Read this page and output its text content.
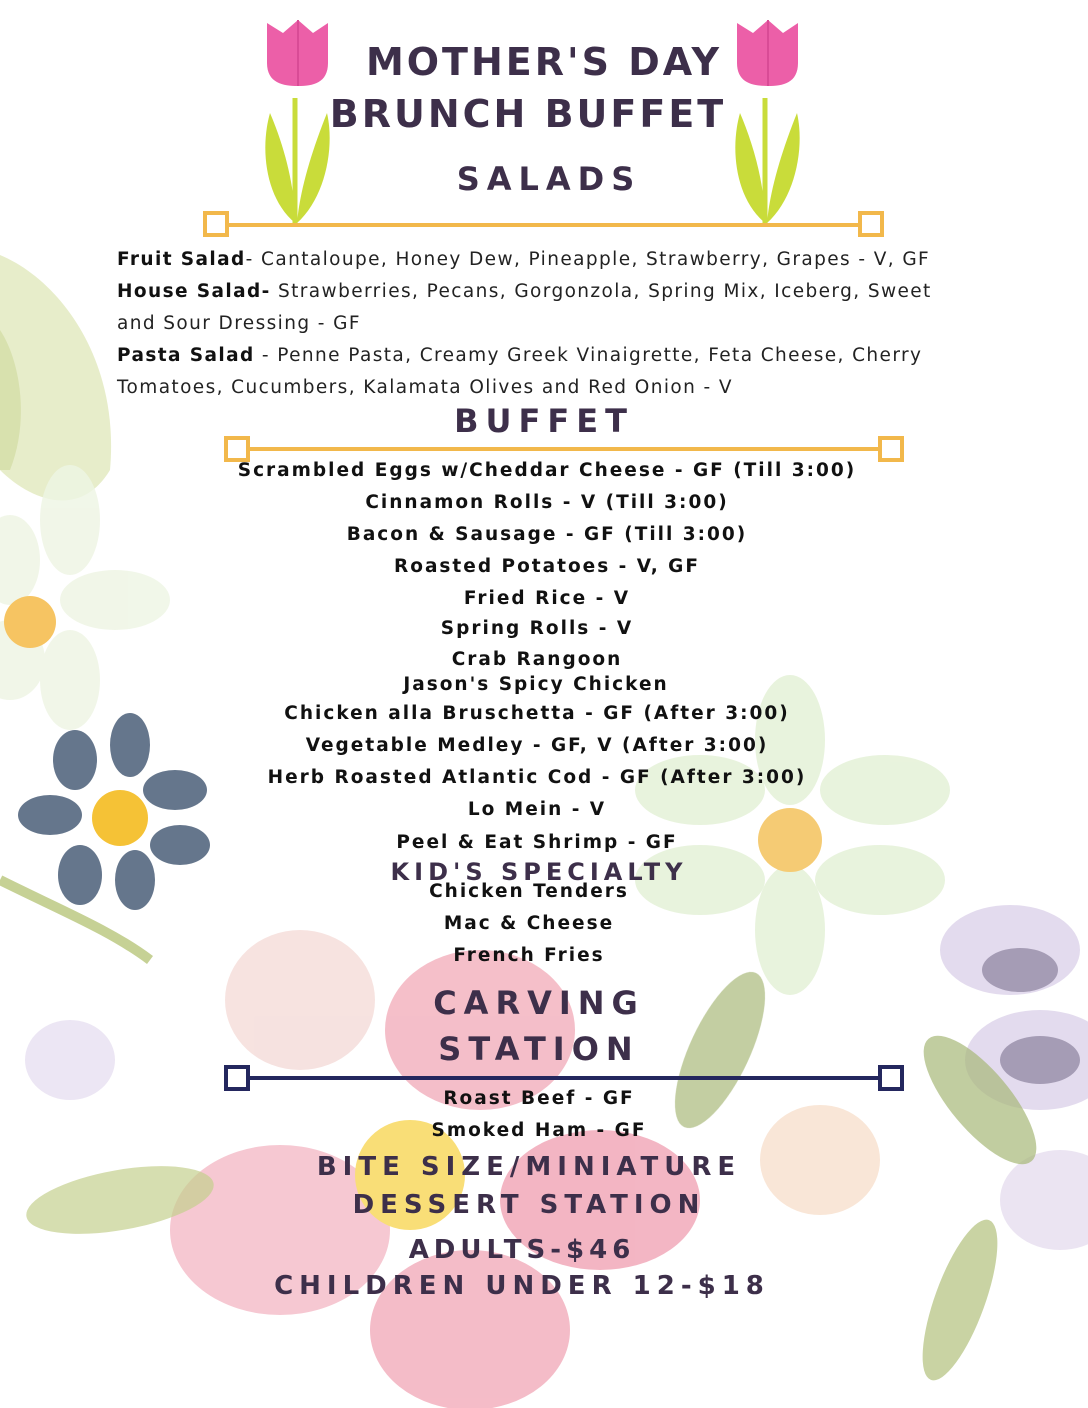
MOTHER'S DAY
BRUNCH BUFFET
SALADS

Fruit Salad- Cantaloupe, Honey Dew, Pineapple, Strawberry, Grapes - V, GF

House Salad- Strawberries, Pecans, Gorgonzola, Spring Mix, Iceberg, Sweet and Sour Dressing - GF

Pasta Salad - Penne Pasta, Creamy Greek Vinaigrette, Feta Cheese, Cherry Tomatoes, Cucumbers, Kalamata Olives and Red Onion - V

BUFFET
Scrambled Eggs w/Cheddar Cheese - GF (Till 3:00)
Cinnamon Rolls - V (Till 3:00)
Bacon & Sausage - GF (Till 3:00)
Roasted Potatoes - V, GF
Fried Rice - V
Spring Rolls - V
Crab Rangoon
Jason's Spicy Chicken
Chicken alla Bruschetta - GF (After 3:00)
Vegetable Medley - GF, V (After 3:00)
Herb Roasted Atlantic Cod - GF (After 3:00)
Lo Mein - V
Peel & Eat Shrimp - GF
KID'S SPECIALTY
Chicken Tenders
Mac & Cheese
French Fries
CARVING
STATION
Roast Beef - GF
Smoked Ham - GF
BITE SIZE/MINIATURE
DESSERT STATION
ADULTS-$46
CHILDREN UNDER 12-$18
